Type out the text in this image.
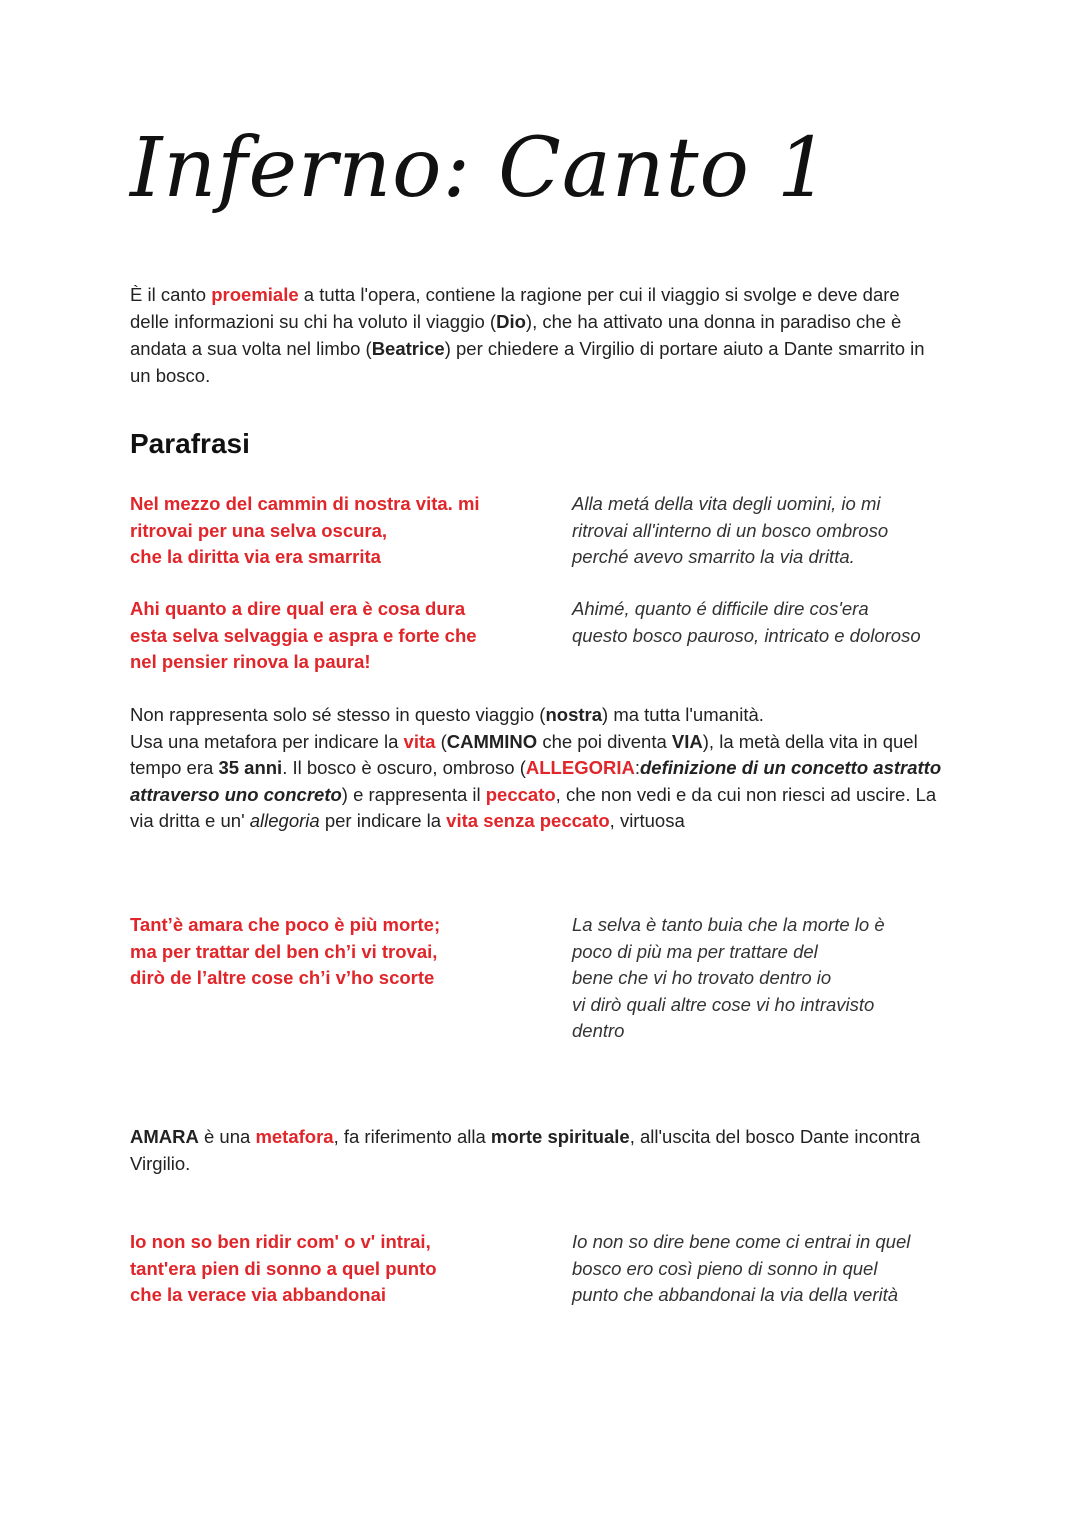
Inferno: Canto 1
È il canto proemiale a tutta l'opera, contiene la ragione per cui il viaggio si svolge e deve dare delle informazioni su chi ha voluto il viaggio (Dio), che ha attivato una donna in paradiso che è andata a sua volta nel limbo (Beatrice) per chiedere a Virgilio di portare aiuto a Dante smarrito in un bosco.
Parafrasi
Nel mezzo del cammin di nostra vita. mi
ritrovai per una selva oscura,
che la diritta via era smarrita
Alla metá della vita degli uomini, io mi
ritrovai all'interno di un bosco ombroso
perché avevo smarrito la via dritta.
Ahi quanto a dire qual era è cosa dura
esta selva selvaggia e aspra e forte che
nel pensier rinova la paura!
Ahimé, quanto é difficile dire cos'era
questo bosco pauroso, intricato e doloroso
Non rappresenta solo sé stesso in questo viaggio (nostra) ma tutta l'umanità.
Usa una metafora per indicare la vita (CAMMINO che poi diventa VIA), la metà della vita in quel tempo era 35 anni. Il bosco è oscuro, ombroso (ALLEGORIA:definizione di un concetto astratto attraverso uno concreto) e rappresenta il peccato, che non vedi e da cui non riesci ad uscire. La via dritta e un' allegoria per indicare la vita senza peccato, virtuosa
Tant’è amara che poco è più morte;
ma per trattar del ben ch’i vi trovai,
dirò de l’altre cose ch’i v’ho scorte
La selva è tanto buia che la morte lo è
poco di più ma per trattare del
bene che vi ho trovato dentro io
vi dirò quali altre cose vi ho intravisto
dentro
AMARA è una metafora, fa riferimento alla morte spirituale, all'uscita del bosco Dante incontra Virgilio.
Io non so ben ridir com' o v' intrai,
tant'era pien di sonno a quel punto
che la verace via abbandonai
Io non so dire bene come ci entrai in quel
bosco ero così pieno di sonno in quel
punto che abbandonai la via della verità
